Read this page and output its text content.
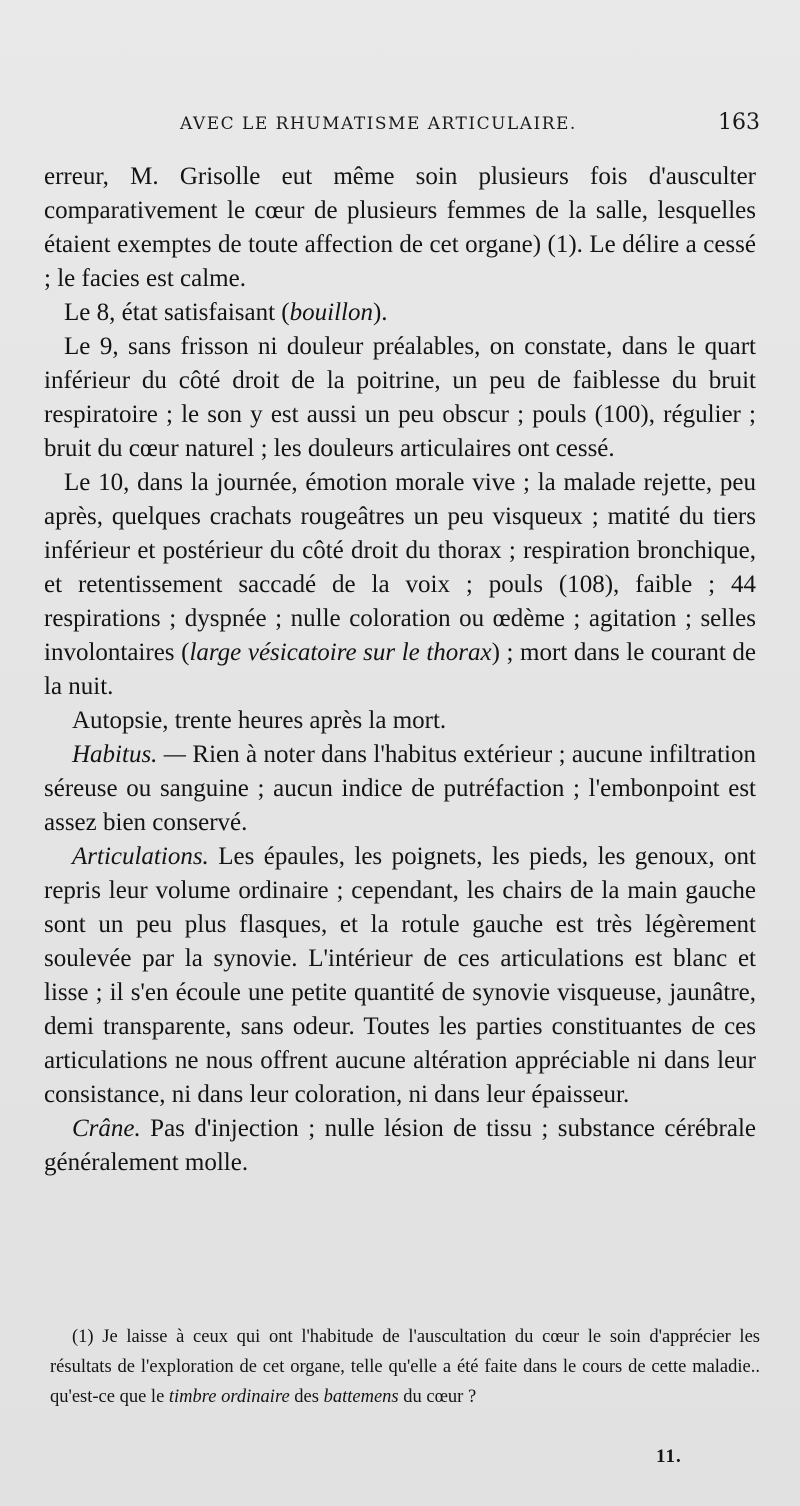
AVEC LE RHUMATISME ARTICULAIRE.	163

erreur, M. Grisolle eut même soin plusieurs fois d'ausculter comparativement le cœur de plusieurs femmes de la salle, lesquelles étaient exemptes de toute affection de cet organe) (1). Le délire a cessé ; le facies est calme.

Le 8, état satisfaisant (bouillon).

Le 9, sans frisson ni douleur préalables, on constate, dans le quart inférieur du côté droit de la poitrine, un peu de faiblesse du bruit respiratoire ; le son y est aussi un peu obscur ; pouls (100), régulier ; bruit du cœur naturel ; les douleurs articulaires ont cessé.

Le 10, dans la journée, émotion morale vive ; la malade rejette, peu après, quelques crachats rougeâtres un peu visqueux ; matité du tiers inférieur et postérieur du côté droit du thorax ; respiration bronchique, et retentissement saccadé de la voix ; pouls (108), faible ; 44 respirations ; dyspnée ; nulle coloration ou œdème ; agitation ; selles involontaires (large vésicatoire sur le thorax) ; mort dans le courant de la nuit.

Autopsie, trente heures après la mort.

Habitus. — Rien à noter dans l'habitus extérieur ; aucune infiltration séreuse ou sanguine ; aucun indice de putréfaction ; l'embonpoint est assez bien conservé.

Articulations. Les épaules, les poignets, les pieds, les genoux, ont repris leur volume ordinaire ; cependant, les chairs de la main gauche sont un peu plus flasques, et la rotule gauche est très légèrement soulevée par la synovie. L'intérieur de ces articulations est blanc et lisse ; il s'en écoule une petite quantité de synovie visqueuse, jaunâtre, demi transparente, sans odeur. Toutes les parties constituantes de ces articulations ne nous offrent aucune altération appréciable ni dans leur consistance, ni dans leur coloration, ni dans leur épaisseur.

Crâne. Pas d'injection ; nulle lésion de tissu ; substance cérébrale généralement molle.

(1) Je laisse à ceux qui ont l'habitude de l'auscultation du cœur le soin d'apprécier les résultats de l'exploration de cet organe, telle qu'elle a été faite dans le cours de cette maladie.. qu'est-ce que le timbre ordinaire des battemens du cœur ?

11.
